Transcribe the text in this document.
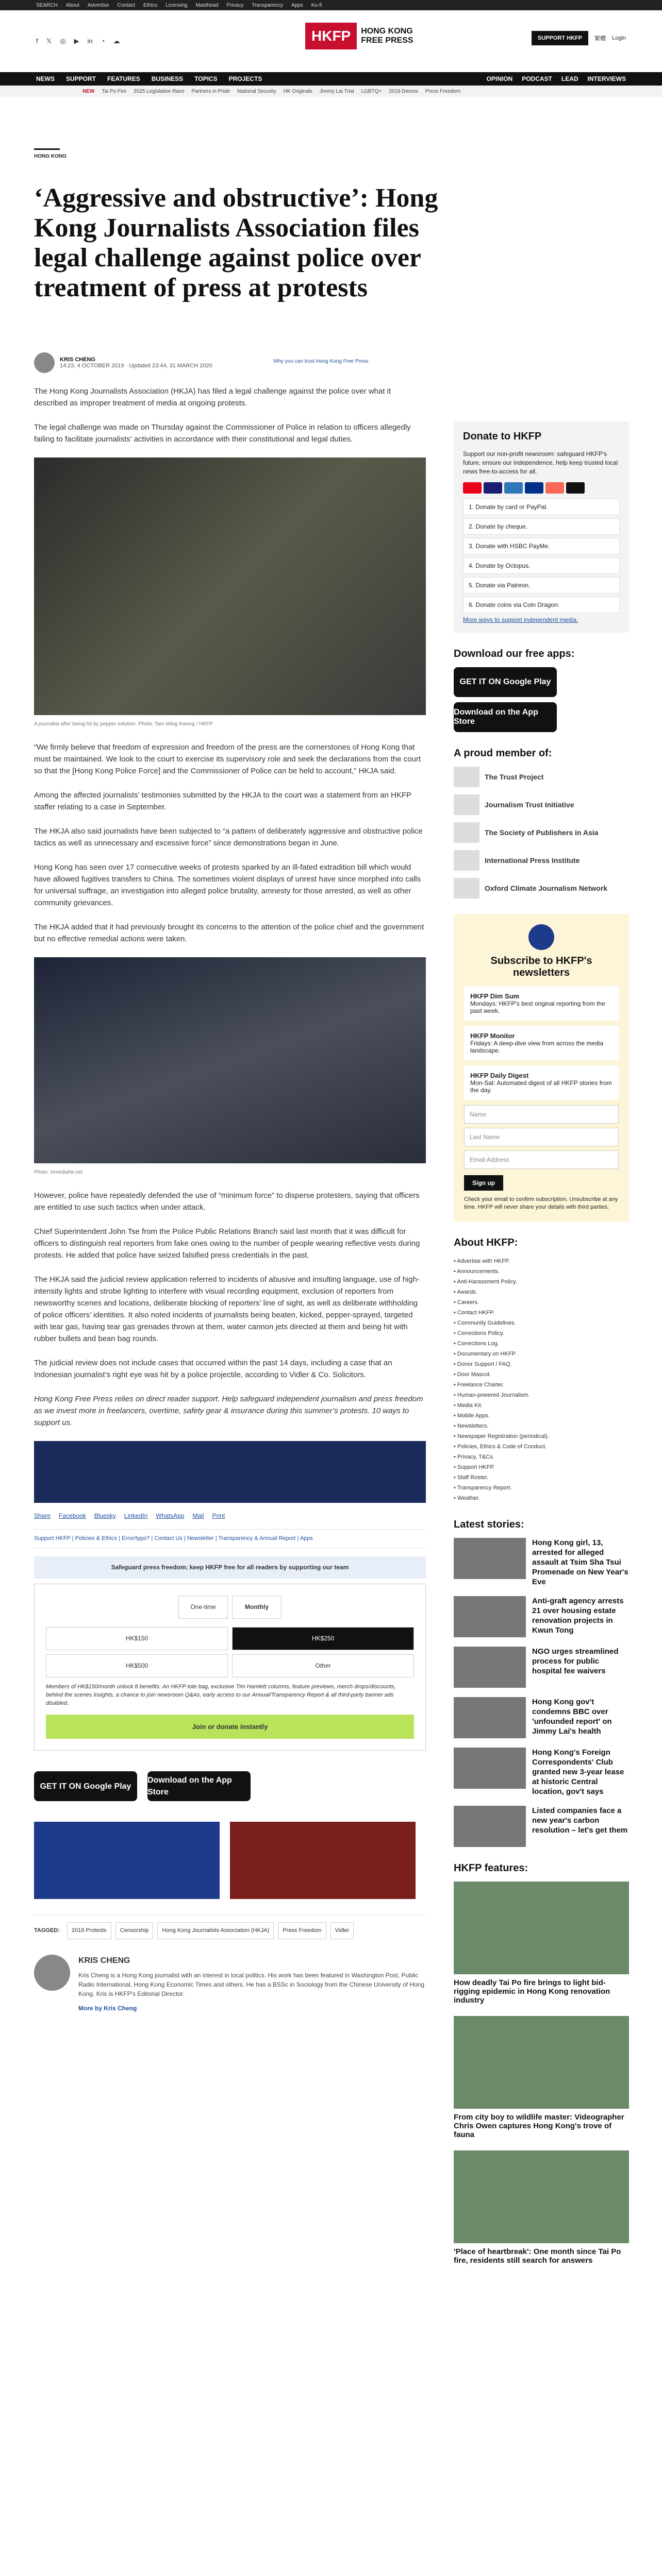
SEARCH About Advertise Contact Ethics Licensing Masthead Privacy Transparency Apps Ko-fi
f 𝕏 ◎ ▶ in ◔ ☁	HKFP	HONG KONG
FREE PRESS	SUPPORT HKFP	繁體 Login
NEWS SUPPORT FEATURES BUSINESS TOPICS PROJECTS	OPINION PODCAST LEAD INTERVIEWS
NEW Tai Po Fire 2025 Legislative Race Partners in Pride National Security HK Originals Jimmy Lai Trial LGBTQ+ 2019 Demos Press Freedom
HONG KONG
‘Aggressive and obstructive’: Hong Kong Journalists Association files legal challenge against police over treatment of press at protests
KRIS CHENG
14:23, 4 OCTOBER 2019 · Updated 23:44, 31 MARCH 2020
Why you can trust Hong Kong Free Press

The Hong Kong Journalists Association (HKJA) has filed a legal challenge against the police over what it described as improper treatment of media at ongoing protests.

The legal challenge was made on Thursday against the Commissioner of Police in relation to officers allegedly failing to facilitate journalists’ activities in accordance with their constitutional and legal duties.

A journalist after being hit by pepper solution. Photo: Tam Wing Kwong / HKFP

“We firmly believe that freedom of expression and freedom of the press are the cornerstones of Hong Kong that must be maintained. We look to the court to exercise its supervisory role and seek the declarations from the court so that the [Hong Kong Police Force] and the Commissioner of Police can be held to account,” HKJA said.

Among the affected journalists’ testimonies submitted by the HKJA to the court was a statement from an HKFP staffer relating to a case in September.

The HKJA also said journalists have been subjected to “a pattern of deliberately aggressive and obstructive police tactics as well as unnecessary and excessive force” since demonstrations began in June.

Hong Kong has seen over 17 consecutive weeks of protests sparked by an ill-fated extradition bill which would have allowed fugitives transfers to China. The sometimes violent displays of unrest have since morphed into calls for universal suffrage, an investigation into alleged police brutality, amnesty for those arrested, as well as other community grievances.

The HKJA added that it had previously brought its concerns to the attention of the police chief and the government but no effective remedial actions were taken.

Photo: inmediahk.net.

However, police have repeatedly defended the use of “minimum force” to disperse protesters, saying that officers are entitled to use such tactics when under attack.

Chief Superintendent John Tse from the Police Public Relations Branch said last month that it was difficult for officers to distinguish real reporters from fake ones owing to the number of people wearing reflective vests during protests. He added that police have seized falsified press credentials in the past.

The HKJA said the judicial review application referred to incidents of abusive and insulting language, use of high-intensity lights and strobe lighting to interfere with visual recording equipment, exclusion of reporters from newsworthy scenes and locations, deliberate blocking of reporters’ line of sight, as well as deliberate withholding of police officers’ identities. It also noted incidents of journalists being beaten, kicked, pepper-sprayed, targeted with tear gas, having tear gas grenades thrown at them, water cannon jets directed at them and being hit with rubber bullets and bean bag rounds.

The judicial review does not include cases that occurred within the past 14 days, including a case that an Indonesian journalist’s right eye was hit by a police projectile, according to Vidler & Co. Solicitors.

Hong Kong Free Press relies on direct reader support. Help safeguard independent journalism and press freedom as we invest more in freelancers, overtime, safety gear & insurance during this summer’s protests. 10 ways to support us.

Share Facebook Bluesky LinkedIn WhatsApp Mail Print
Support HKFP | Policies & Ethics | Error/typo? | Contact Us | Newsletter | Transparency & Annual Report | Apps
Safeguard press freedom; keep HKFP free for all readers by supporting our team
One-time	Monthly
HK$150	HK$250
HK$500	Other
Members of HK$150/month unlock 8 benefits: An HKFP tote bag, exclusive Tim Hamlett columns, feature previews, merch drops/discounts, behind the scenes insights, a chance to join newsroom Q&As, early access to our Annual/Transparency Report & all third-party banner ads disabled.
Join or donate instantly
GET IT ON Google Play
Download on the App Store
TAGGED:	2019 Protests	Censorship	Hong Kong Journalists Association (HKJA)	Press Freedom	Vidler
KRIS CHENG
Kris Cheng is a Hong Kong journalist with an interest in local politics. His work has been featured in Washington Post, Public Radio International, Hong Kong Economic Times and others. He has a BSSc in Sociology from the Chinese University of Hong Kong. Kris is HKFP's Editorial Director.
More by Kris Cheng
Donate to HKFP
Support our non-profit newsroom: safeguard HKFP's future, ensure our independence, help keep trusted local news free-to-access for all.
1. Donate by card or PayPal.
2. Donate by cheque.
3. Donate with HSBC PayMe.
4. Donate by Octopus.
5. Donate via Patreon.
6. Donate coins via Coin Dragon.
More ways to support independent media.
Download our free apps:
GET IT ON Google Play
Download on the App Store
A proud member of:
The Trust Project
Journalism Trust Initiative
The Society of Publishers in Asia
International Press Institute
Oxford Climate Journalism Network
Subscribe to HKFP's newsletters
HKFP Dim Sum
Mondays: HKFP's best original reporting from the past week.
HKFP Monitor
Fridays: A deep-dive view from across the media landscape.
HKFP Daily Digest
Mon-Sat: Automated digest of all HKFP stories from the day.
Name
Last Name
Email Address
Sign up
Check your email to confirm subscription. Unsubscribe at any time. HKFP will never share your details with third parties.
About HKFP:
• Advertise with HKFP.
• Announcements.
• Anti-Harassment Policy.
• Awards.
• Careers.
• Contact HKFP.
• Community Guidelines.
• Corrections Policy.
• Corrections Log.
• Documentary on HKFP.
• Donor Support / FAQ.
• Door Mascot.
• Freelance Charter.
• Human-powered Journalism.
• Media Kit.
• Mobile Apps.
• Newsletters.
• Newspaper Registration (periodical).
• Policies, Ethics & Code of Conduct.
• Privacy, T&Cs.
• Support HKFP.
• Staff Roster.
• Transparency Report.
• Weather.
Latest stories:
Hong Kong girl, 13, arrested for alleged assault at Tsim Sha Tsui Promenade on New Year's Eve
Anti-graft agency arrests 21 over housing estate renovation projects in Kwun Tong
NGO urges streamlined process for public hospital fee waivers
Hong Kong gov't condemns BBC over 'unfounded report' on Jimmy Lai's health
Hong Kong's Foreign Correspondents' Club granted new 3-year lease at historic Central location, gov't says
Listed companies face a new year's carbon resolution – let's get them
HKFP features:
How deadly Tai Po fire brings to light bid-rigging epidemic in Hong Kong renovation industry
From city boy to wildlife master: Videographer Chris Owen captures Hong Kong's trove of fauna
'Place of heartbreak': One month since Tai Po fire, residents still search for answers
